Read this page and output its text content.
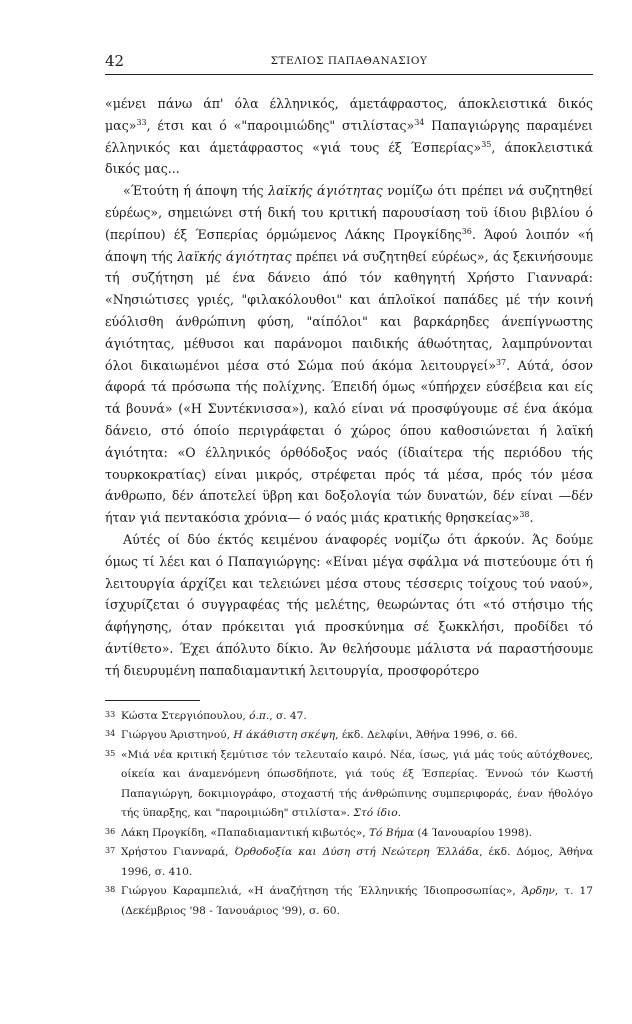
42	ΣΤΕΛΙΟΣ ΠΑΠΑΘΑΝΑΣΙΟΥ

«μένει πάνω άπ' όλα έλληνικός, άμετάφραστος, άποκλειστικά δικός μας»$^{33}$, έτσι και ό «"παροιμιώδης" στιλίστας»$^{34}$ Παπαγιώργης παραμένει έλληνικός και άμετάφραστος «γιά τους έξ Έσπερίας»$^{35}$, άποκλειστικά δικός μας...

«Έτούτη ή άποψη τής λαϊκής άγιότητας νομίζω ότι πρέπει νά συζητηθεί εύρέως», σημειώνει στή δική του κριτική παρουσίαση τοϋ ίδιου βιβλίου ό (περίπου) έξ Έσπερίας όρμώμενος Λάκης Προγκίδης$^{36}$. Άφού λοιπόν «ή άποψη τής λαϊκής άγιότητας πρέπει νά συζητηθεί εύρέως», άς ξεκινήσουμε τή συζήτηση μέ ένα δάνειο άπό τόν καθηγητή Χρήστο Γιανναρά: «Νησιώτισες γριές, "φιλακόλουθοι" και άπλοϊκοί παπάδες μέ τήν κοινή εύόλισθη άνθρώπινη φύση, "αίπόλοι" και βαρκάρηδες άνεπίγνωστης άγιότητας, μέθυσοι και παράνομοι παιδικής άθωότητας, λαμπρύνονται όλοι δικαιωμένοι μέσα στό Σώμα πού άκόμα λειτουργεί»$^{37}$. Αύτά, όσον άφορά τά πρόσωπα τής πολίχνης. Έπειδή όμως «ύπήρχεν εύσέβεια και είς τά βουνά» («Η Συντέκνισσα»), καλό είναι νά προσφύγουμε σέ ένα άκόμα δάνειο, στό όποίο περιγράφεται ό χώρος όπου καθοσιώνεται ή λαϊκή άγιότητα: «Ο έλληνικός όρθόδοξος ναός (ίδιαίτερα τής περιόδου τής τουρκοκρατίας) είναι μικρός, στρέφεται πρός τά μέσα, πρός τόν μέσα άνθρωπο, δέν άποτελεί ϋβρη και δοξολογία τών δυνατών, δέν είναι —δέν ήταν γιά πεντακόσια χρόνια— ό ναός μιάς κρατικής θρησκείας»$^{38}$.

Αύτές οί δύο έκτός κειμένου άναφορές νομίζω ότι άρκούν. Άς δούμε όμως τί λέει και ό Παπαγιώργης: «Είναι μέγα σφάλμα νά πιστεύουμε ότι ή λειτουργία άρχίζει και τελειώνει μέσα στους τέσσερις τοίχους τού ναού», ίσχυρίζεται ό συγγραφέας τής μελέτης, θεωρώντας ότι «τό στήσιμο τής άφήγησης, όταν πρόκειται γιά προσκύνημα σέ ξωκκλήσι, προδίδει τό άντίθετο». Έχει άπόλυτο δίκιο. Άν θελήσουμε μάλιστα νά παραστήσουμε τή διευρυμένη παπαδιαμαντική λειτουργία, προσφορότερο

33 Κώστα Στεργιόπουλου, ό.π., σ. 47.

34 Γιώργου Άριστηνού, Η άκάθιστη σκέψη, έκδ. Δελφίνι, Άθήνα 1996, σ. 66.

35 «Μιά νέα κριτική ξεμύτισε τόν τελευταίο καιρό. Νέα, ίσως, γιά μάς τούς αύτόχθονες, οίκεία και άναμενόμενη όπωσδήποτε, γιά τούς έξ Έσπερίας. Έννοώ τόν Κωστή Παπαγιώργη, δοκιμιογράφο, στοχαστή τής άνθρώπινης συμπεριφοράς, έναν ήθολόγο τής ϋπαρξης, και "παροιμιώδη" στιλίστα». Στό ίδιο.

36 Λάκη Προγκίδη, «Παπαδιαμαντική κιβωτός», Τό Βήμα (4 Ίανουαρίου 1998).

37 Χρήστου Γιανναρά, Όρθοδοξία και Δύση στή Νεώτερη Έλλάδα, έκδ. Δόμος, Άθήνα 1996, σ. 410.

38 Γιώργου Καραμπελιά, «Η άναζήτηση τής Έλληνικής Ίδιοπροσωπίας», Άρδην, τ. 17 (Δεκέμβριος '98 - Ίανουάριος '99), σ. 60.
